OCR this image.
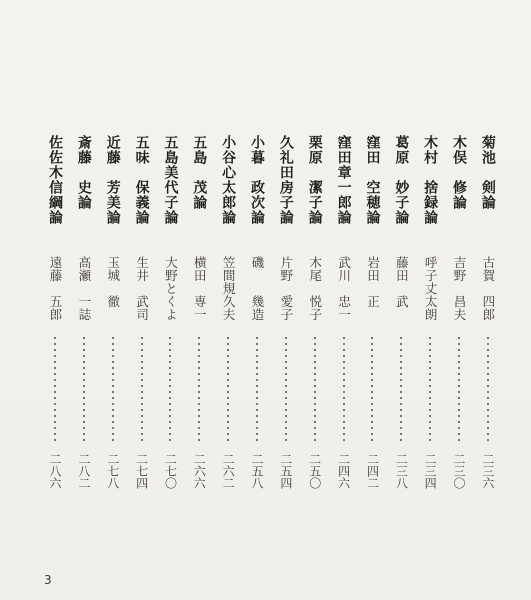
菊池　剣論
古賀　四郎
二三六
木俣　修論
吉野　昌夫
二三〇
木村　捨録論
呼子丈太朗
二三四
葛原　妙子論
藤田　武
二三八
窪田　空穂論
岩田　正
二四二
窪田章一郎論
武川　忠一
二四六
栗原　潔子論
木尾　悦子
二五〇
久礼田房子論
片野　愛子
二五四
小暮　政次論
磯　　幾造
二五八
小谷心太郎論
笠間規久夫
二六二
五島　茂論
横田　専一
二六六
五島美代子論
大野とくよ
二七〇
五味　保義論
生井　武司
二七四
近藤　芳美論
玉城　徹
二七八
斎藤　史論
高瀬　一誌
二八二
佐佐木信綱論
遠藤　五郎
二八六
3
